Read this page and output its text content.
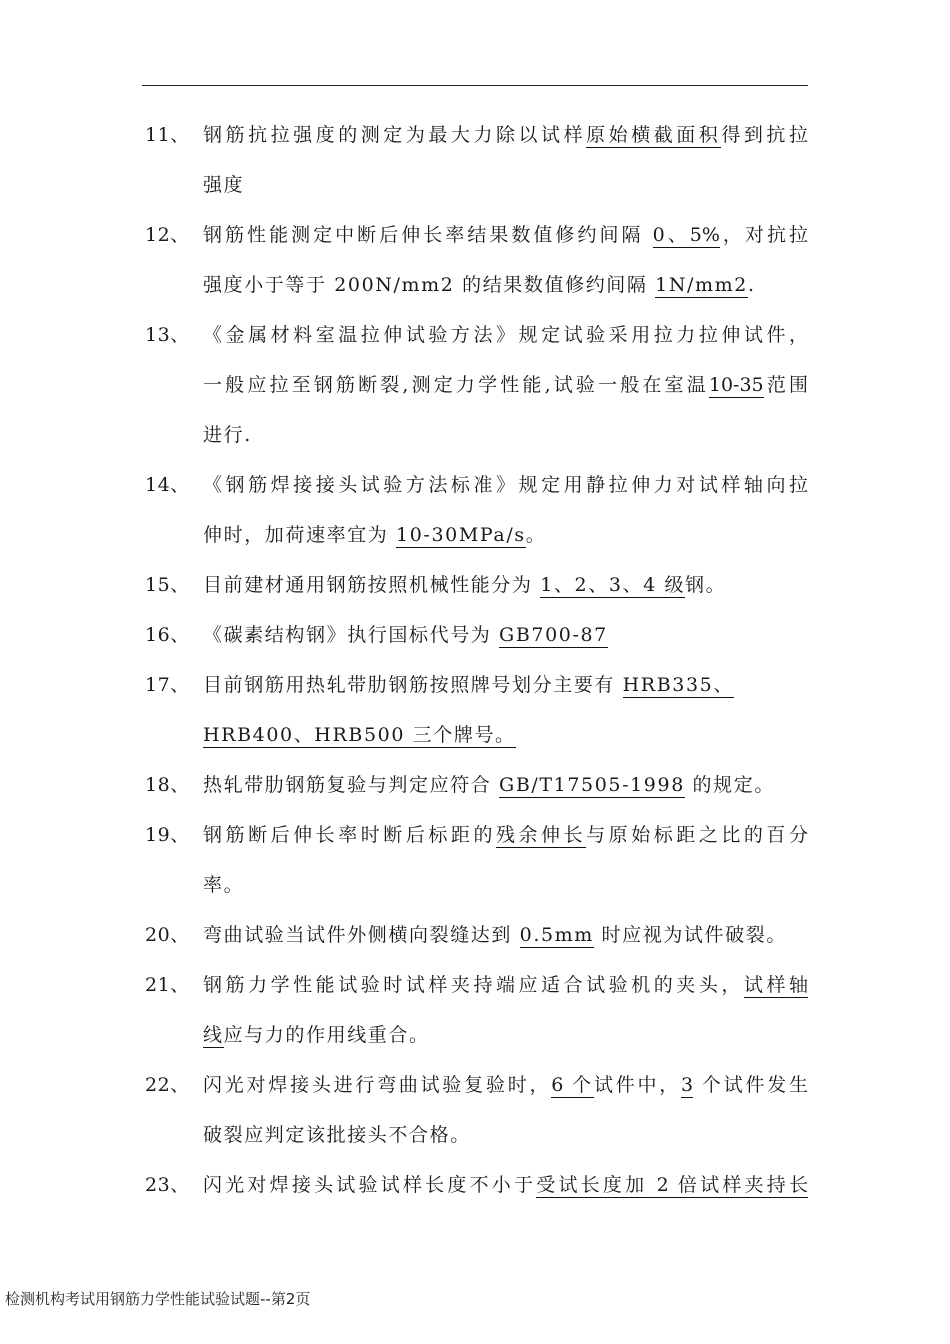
11、 钢筋抗拉强度的测定为最大力除以试样原始横截面积得到抗拉
强度
12、 钢筋性能测定中断后伸长率结果数值修约间隔 0、5%，对抗拉
强度小于等于 200N/mm2 的结果数值修约间隔 1N/mm2.
13、 《金属材料室温拉伸试验方法》规定试验采用拉力拉伸试件，
一般应拉至钢筋断裂,测定力学性能,试验一般在室温10-35范围
进行.
14、 《钢筋焊接接头试验方法标准》规定用静拉伸力对试样轴向拉
伸时，加荷速率宜为 10-30MPa/s。
15、 目前建材通用钢筋按照机械性能分为 1、2、3、4 级钢。
16、 《碳素结构钢》执行国标代号为 GB700-87
17、 目前钢筋用热轧带肋钢筋按照牌号划分主要有 HRB335、
HRB400、HRB500 三个牌号。
18、 热轧带肋钢筋复验与判定应符合 GB/T17505-1998 的规定。
19、 钢筋断后伸长率时断后标距的残余伸长与原始标距之比的百分
率。
20、 弯曲试验当试件外侧横向裂缝达到 0.5mm 时应视为试件破裂。
21、 钢筋力学性能试验时试样夹持端应适合试验机的夹头，试样轴
线应与力的作用线重合。
22、 闪光对焊接头进行弯曲试验复验时，6 个试件中，3 个试件发生
破裂应判定该批接头不合格。
23、 闪光对焊接头试验试样长度不小于受试长度加 2 倍试样夹持长
检测机构考试用钢筋力学性能试验试题--第2页
